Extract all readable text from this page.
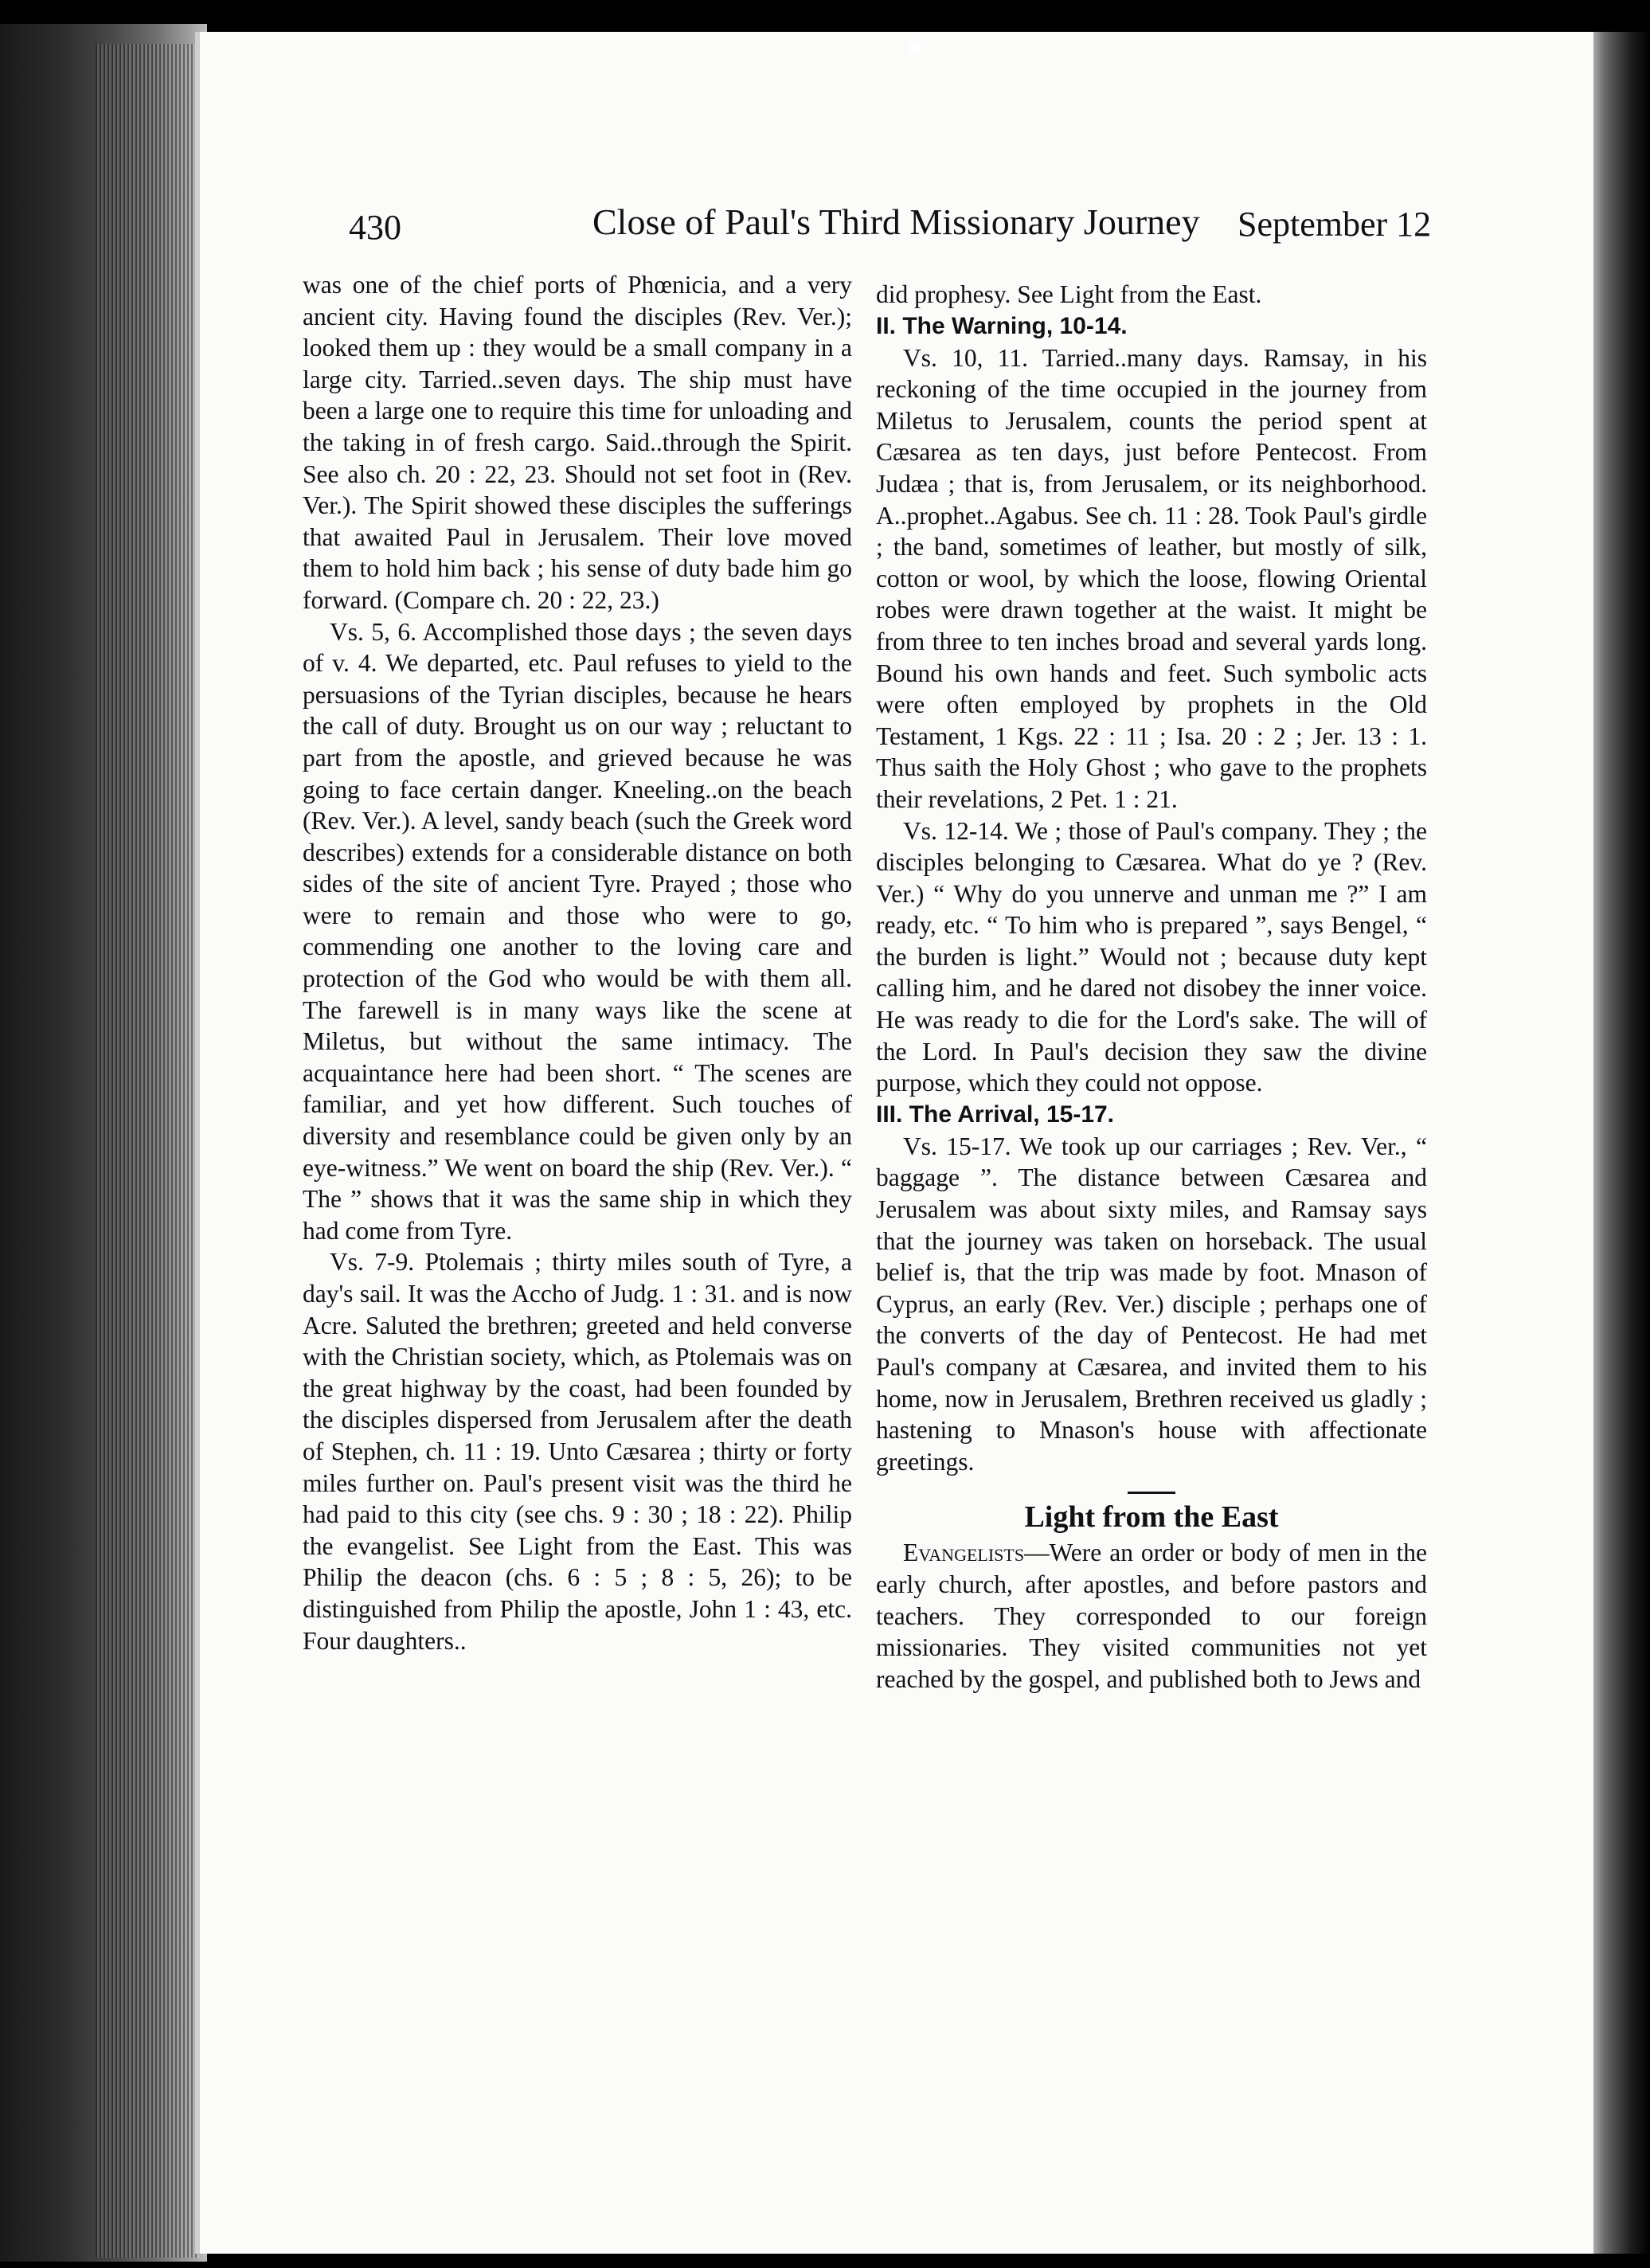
❀
430	Close of Paul's Third Missionary Journey September 12

was one of the chief ports of Phœnicia, and a very ancient city. Having found the disciples (Rev. Ver.); looked them up : they would be a small company in a large city. Tarried..seven days. The ship must have been a large one to require this time for unloading and the taking in of fresh cargo. Said..through the Spirit. See also ch. 20 : 22, 23. Should not set foot in (Rev. Ver.). The Spirit showed these disciples the sufferings that awaited Paul in Jerusalem. Their love moved them to hold him back ; his sense of duty bade him go forward. (Compare ch. 20 : 22, 23.)

Vs. 5, 6. Accomplished those days ; the seven days of v. 4. We departed, etc. Paul refuses to yield to the persuasions of the Tyrian disciples, because he hears the call of duty. Brought us on our way ; reluctant to part from the apostle, and grieved because he was going to face certain danger. Kneeling..on the beach (Rev. Ver.). A level, sandy beach (such the Greek word describes) extends for a considerable distance on both sides of the site of ancient Tyre. Prayed ; those who were to remain and those who were to go, commending one another to the loving care and protection of the God who would be with them all. The farewell is in many ways like the scene at Miletus, but without the same intimacy. The acquaintance here had been short. “ The scenes are familiar, and yet how different. Such touches of diversity and resemblance could be given only by an eye-witness.” We went on board the ship (Rev. Ver.). “ The ” shows that it was the same ship in which they had come from Tyre.

Vs. 7-9. Ptolemais ; thirty miles south of Tyre, a day's sail. It was the Accho of Judg. 1 : 31. and is now Acre. Saluted the brethren; greeted and held converse with the Christian society, which, as Ptolemais was on the great highway by the coast, had been founded by the disciples dispersed from Jerusalem after the death of Stephen, ch. 11 : 19. Unto Cæsarea ; thirty or forty miles further on. Paul's present visit was the third he had paid to this city (see chs. 9 : 30 ; 18 : 22). Philip the evangelist. See Light from the East. This was Philip the deacon (chs. 6 : 5 ; 8 : 5, 26); to be distinguished from Philip the apostle, John 1 : 43, etc. Four daughters..

did prophesy. See Light from the East.

II. The Warning, 10-14.

Vs. 10, 11. Tarried..many days. Ramsay, in his reckoning of the time occupied in the journey from Miletus to Jerusalem, counts the period spent at Cæsarea as ten days, just before Pentecost. From Judæa ; that is, from Jerusalem, or its neighborhood. A..prophet..Agabus. See ch. 11 : 28. Took Paul's girdle ; the band, sometimes of leather, but mostly of silk, cotton or wool, by which the loose, flowing Oriental robes were drawn together at the waist. It might be from three to ten inches broad and several yards long. Bound his own hands and feet. Such symbolic acts were often employed by prophets in the Old Testament, 1 Kgs. 22 : 11 ; Isa. 20 : 2 ; Jer. 13 : 1. Thus saith the Holy Ghost ; who gave to the prophets their revelations, 2 Pet. 1 : 21.

Vs. 12-14. We ; those of Paul's company. They ; the disciples belonging to Cæsarea. What do ye ? (Rev. Ver.) “ Why do you unnerve and unman me ?” I am ready, etc. “ To him who is prepared ”, says Bengel, “ the burden is light.” Would not ; because duty kept calling him, and he dared not disobey the inner voice. He was ready to die for the Lord's sake. The will of the Lord. In Paul's decision they saw the divine purpose, which they could not oppose.

III. The Arrival, 15-17.

Vs. 15-17. We took up our carriages ; Rev. Ver., “ baggage ”. The distance between Cæsarea and Jerusalem was about sixty miles, and Ramsay says that the journey was taken on horseback. The usual belief is, that the trip was made by foot. Mnason of Cyprus, an early (Rev. Ver.) disciple ; perhaps one of the converts of the day of Pentecost. He had met Paul's company at Cæsarea, and invited them to his home, now in Jerusalem, Brethren received us gladly ; hastening to Mnason's house with affectionate greetings.

Light from the East

Evangelists—Were an order or body of men in the early church, after apostles, and before pastors and teachers. They corresponded to our foreign missionaries. They visited communities not yet reached by the gospel, and published both to Jews and
